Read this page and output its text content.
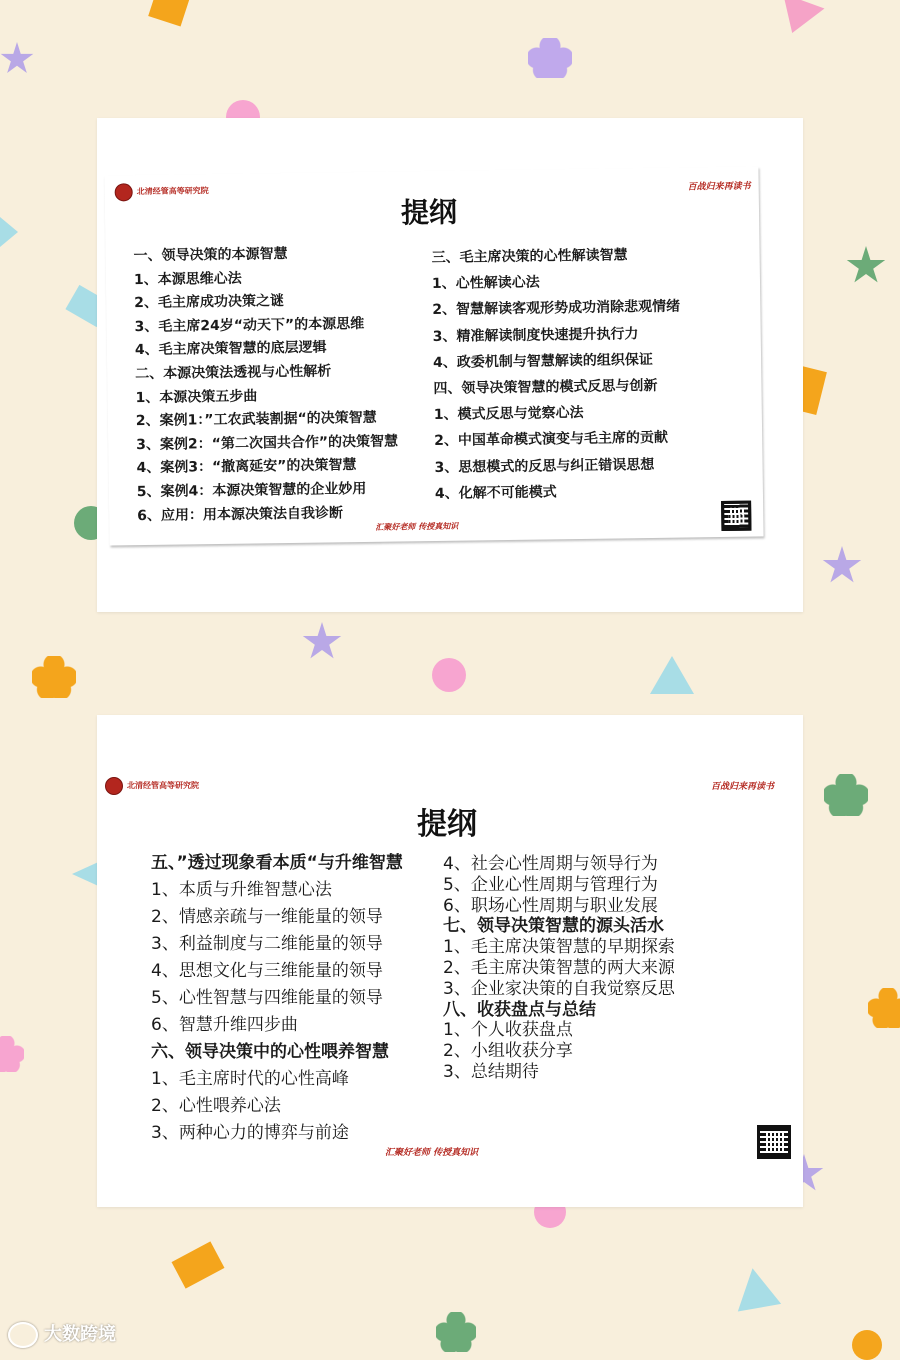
北清经管高等研究院	百战归来再读书
提纲
一、领导决策的本源智慧
1、本源思维心法
2、毛主席成功决策之谜
3、毛主席24岁“动天下”的本源思维
4、毛主席决策智慧的底层逻辑
二、本源决策法透视与心性解析
1、本源决策五步曲
2、案例1：”工农武装割据“的决策智慧
3、案例2：“第二次国共合作”的决策智慧
4、案例3：“撤离延安”的决策智慧
5、案例4：本源决策智慧的企业妙用
6、应用：用本源决策法自我诊断
三、毛主席决策的心性解读智慧
1、心性解读心法
2、智慧解读客观形势成功消除悲观情绪
3、精准解读制度快速提升执行力
4、政委机制与智慧解读的组织保证
四、领导决策智慧的模式反思与创新
1、模式反思与觉察心法
2、中国革命模式演变与毛主席的贡献
3、思想模式的反思与纠正错误思想
4、化解不可能模式
汇聚好老师 传授真知识
北清经管高等研究院	百战归来再读书
提纲
五、”透过现象看本质“与升维智慧
1、本质与升维智慧心法
2、情感亲疏与一维能量的领导
3、利益制度与二维能量的领导
4、思想文化与三维能量的领导
5、心性智慧与四维能量的领导
6、智慧升维四步曲
六、领导决策中的心性喂养智慧
1、毛主席时代的心性高峰
2、心性喂养心法
3、两种心力的博弈与前途
4、社会心性周期与领导行为
5、企业心性周期与管理行为
6、职场心性周期与职业发展
七、领导决策智慧的源头活水
1、毛主席决策智慧的早期探索
2、毛主席决策智慧的两大来源
3、企业家决策的自我觉察反思
八、收获盘点与总结
1、个人收获盘点
2、小组收获分享
3、总结期待
汇聚好老师 传授真知识
大数跨境
